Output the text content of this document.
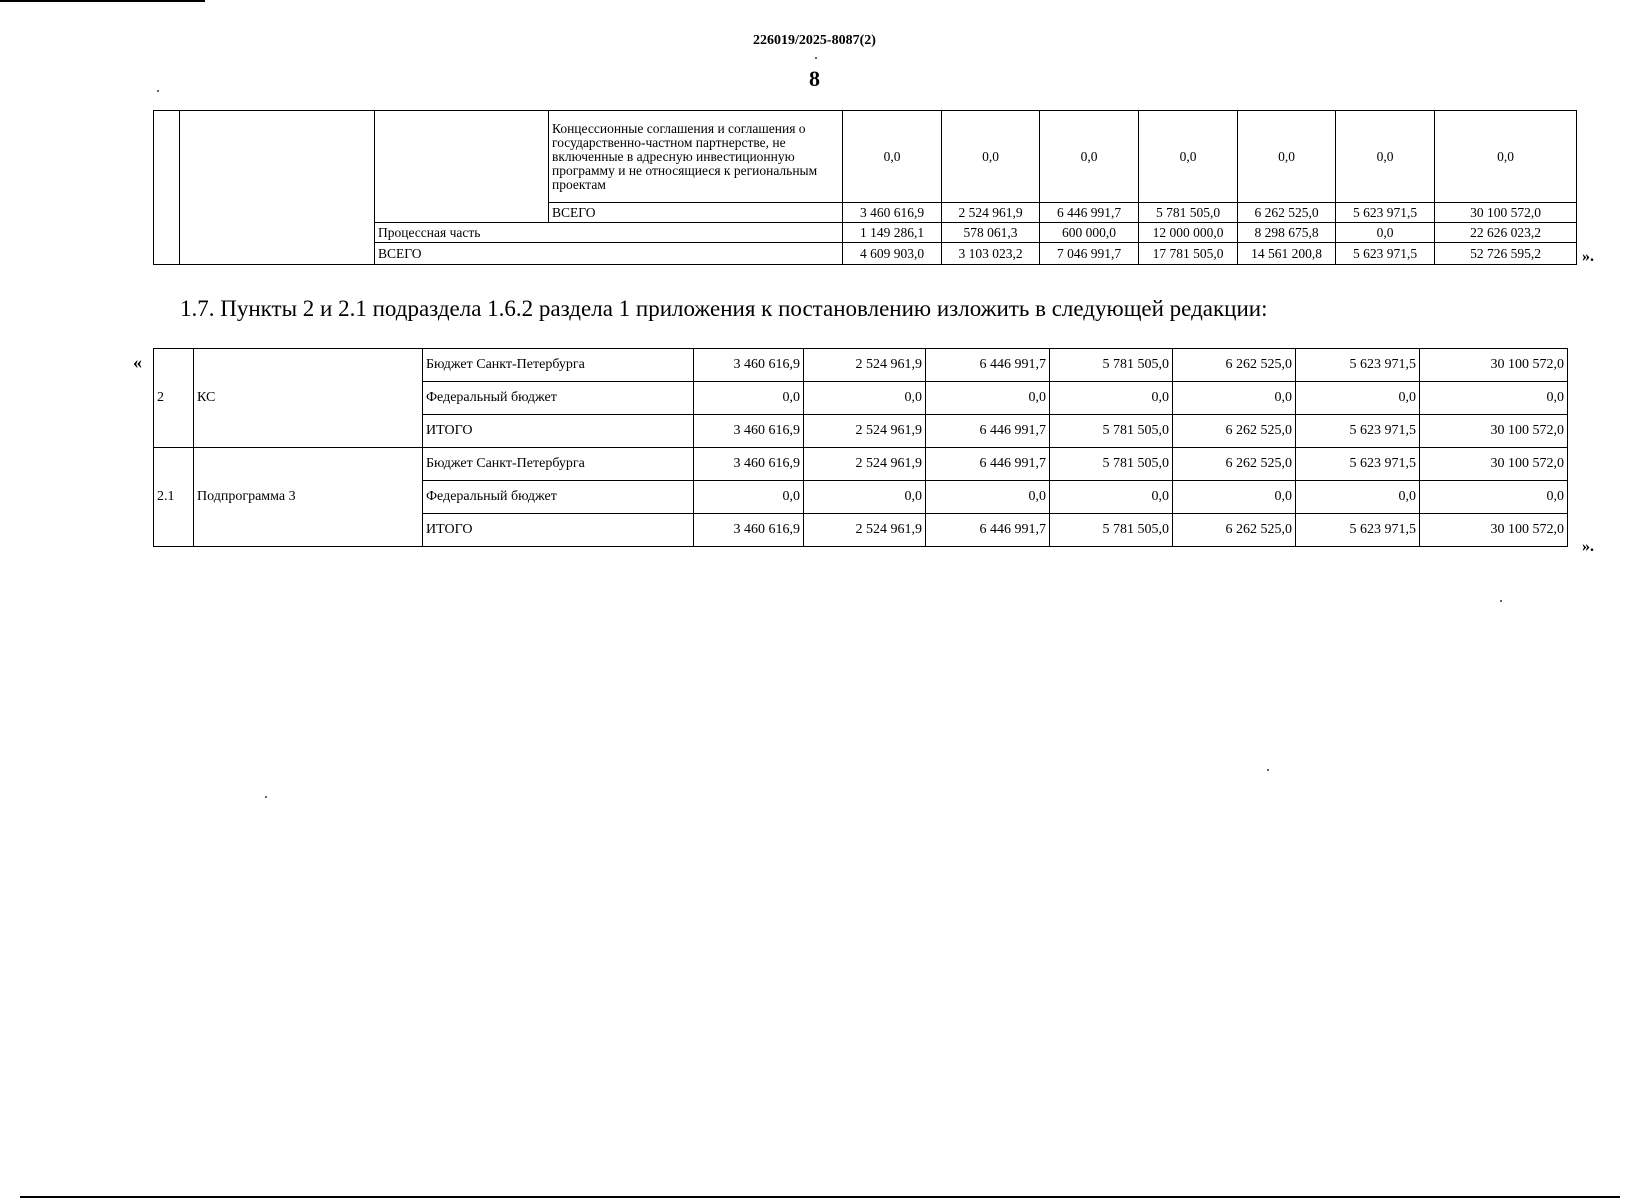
226019/2025-8087(2)
8
			Концессионные соглашения и соглашения о государственно-частном партнерстве, не включенные в адресную инвестиционную программу и не относящиеся к региональным проектам	0,0	0,0	0,0	0,0	0,0	0,0	0,0
			ВСЕГО	3 460 616,9	2 524 961,9	6 446 991,7	5 781 505,0	6 262 525,0	5 623 971,5	30 100 572,0
		Процессная часть		1 149 286,1	578 061,3	600 000,0	12 000 000,0	8 298 675,8	0,0	22 626 023,2
		ВСЕГО		4 609 903,0	3 103 023,2	7 046 991,7	17 781 505,0	14 561 200,8	5 623 971,5	52 726 595,2	».
1.7. Пункты 2 и 2.1 подраздела 1.6.2 раздела 1 приложения к постановлению изложить в следующей редакции:
«
2	КС	Бюджет Санкт-Петербурга	3 460 616,9	2 524 961,9	6 446 991,7	5 781 505,0	6 262 525,0	5 623 971,5	30 100 572,0
		Федеральный бюджет	0,0	0,0	0,0	0,0	0,0	0,0	0,0
		ИТОГО	3 460 616,9	2 524 961,9	6 446 991,7	5 781 505,0	6 262 525,0	5 623 971,5	30 100 572,0
2.1	Подпрограмма 3	Бюджет Санкт-Петербурга	3 460 616,9	2 524 961,9	6 446 991,7	5 781 505,0	6 262 525,0	5 623 971,5	30 100 572,0
		Федеральный бюджет	0,0	0,0	0,0	0,0	0,0	0,0	0,0
		ИТОГО	3 460 616,9	2 524 961,9	6 446 991,7	5 781 505,0	6 262 525,0	5 623 971,5	30 100 572,0
».
